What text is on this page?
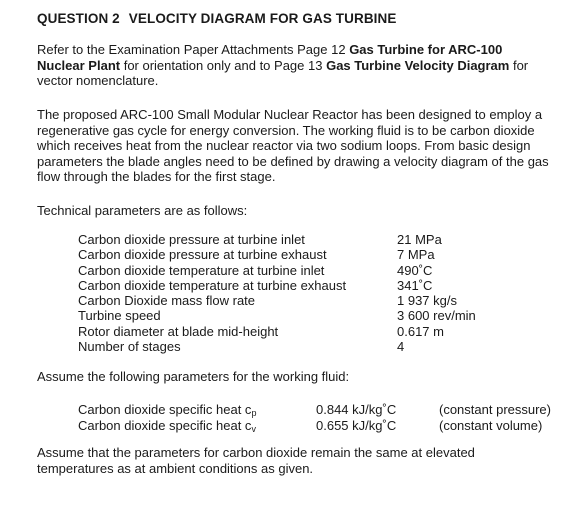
QUESTION 2 VELOCITY DIAGRAM FOR GAS TURBINE

Refer to the Examination Paper Attachments Page 12 Gas Turbine for ARC-100 Nuclear Plant for orientation only and to Page 13 Gas Turbine Velocity Diagram for vector nomenclature.

The proposed ARC-100 Small Modular Nuclear Reactor has been designed to employ a regenerative gas cycle for energy conversion. The working fluid is to be carbon dioxide which receives heat from the nuclear reactor via two sodium loops. From basic design parameters the blade angles need to be defined by drawing a velocity diagram of the gas flow through the blades for the first stage.

Technical parameters are as follows:

Carbon dioxide pressure at turbine inlet	21 MPa
Carbon dioxide pressure at turbine exhaust	7 MPa
Carbon dioxide temperature at turbine inlet	490˚C
Carbon dioxide temperature at turbine exhaust	341˚C
Carbon Dioxide mass flow rate	1 937 kg/s
Turbine speed	3 600 rev/min
Rotor diameter at blade mid-height	0.617 m
Number of stages	4

Assume the following parameters for the working fluid:

Carbon dioxide specific heat $c_p$	0.844 kJ/kg˚C	(constant pressure)
Carbon dioxide specific heat $c_v$	0.655 kJ/kg˚C	(constant volume)

Assume that the parameters for carbon dioxide remain the same at elevated temperatures as at ambient conditions as given.
